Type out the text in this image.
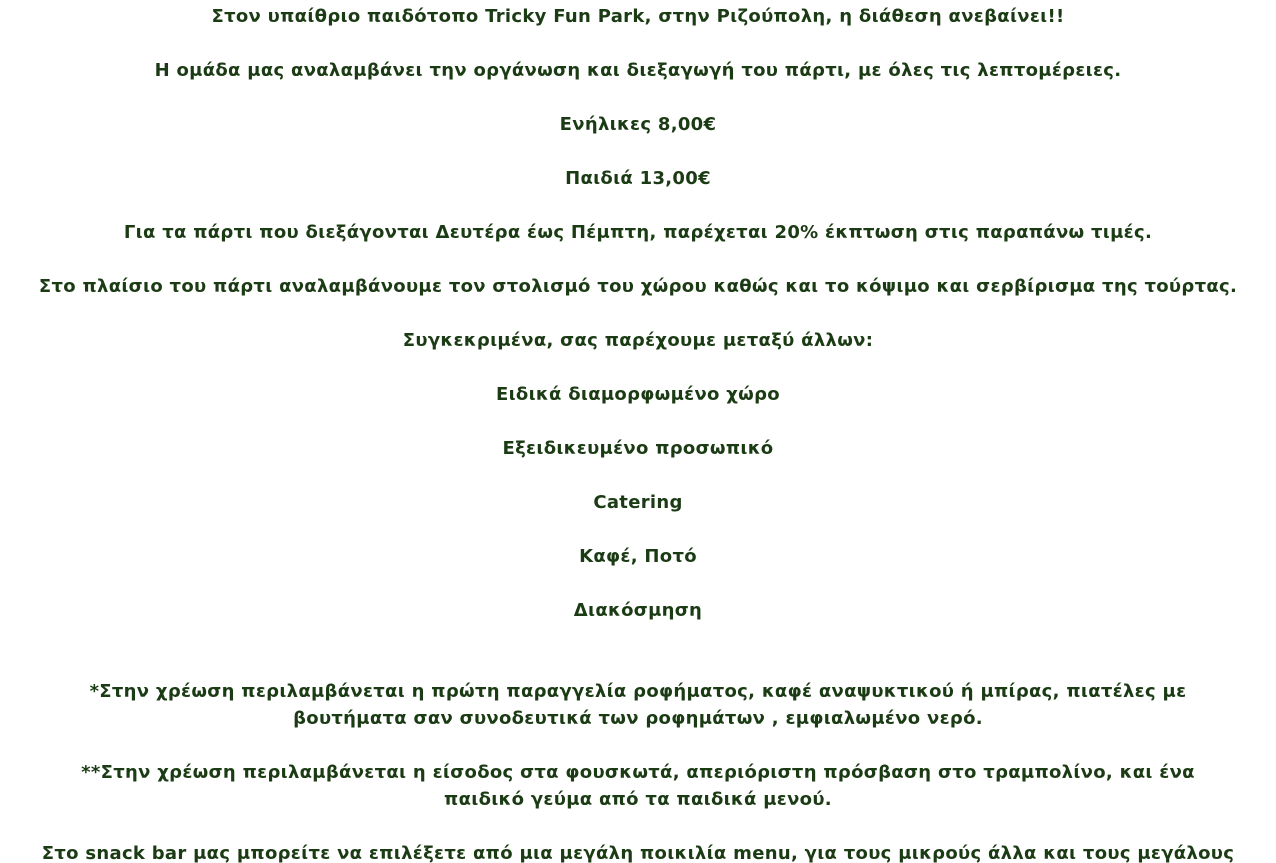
Στον υπαίθριο παιδότοπο Tricky Fun Park, στην Ριζούπολη, η διάθεση ανεβαίνει!!

Η ομάδα μας αναλαμβάνει την οργάνωση και διεξαγωγή του πάρτι, με όλες τις λεπτομέρειες.

Ενήλικες 8,00€

Παιδιά 13,00€

Για τα πάρτι που διεξάγονται Δευτέρα έως Πέμπτη, παρέχεται 20% έκπτωση στις παραπάνω τιμές.

Στο πλαίσιο του πάρτι αναλαμβάνουμε τον στολισμό του χώρου καθώς και το κόψιμο και σερβίρισμα της τούρτας.

Συγκεκριμένα, σας παρέχουμε μεταξύ άλλων:

Ειδικά διαμορφωμένο χώρο

Εξειδικευμένο προσωπικό

Catering

Καφέ, Ποτό

Διακόσμηση

*Στην χρέωση περιλαμβάνεται η πρώτη παραγγελία ροφήματος, καφέ αναψυκτικού ή μπίρας, πιατέλες με βουτήματα σαν συνοδευτικά των ροφημάτων , εμφιαλωμένο νερό.

**Στην χρέωση περιλαμβάνεται η είσοδος στα φουσκωτά, απεριόριστη πρόσβαση στο τραμπολίνο, και ένα παιδικό γεύμα από τα παιδικά μενού.

Στο snack bar μας μπορείτε να επιλέξετε από μια μεγάλη ποικιλία menu, για τους μικρούς άλλα και τους μεγάλους
